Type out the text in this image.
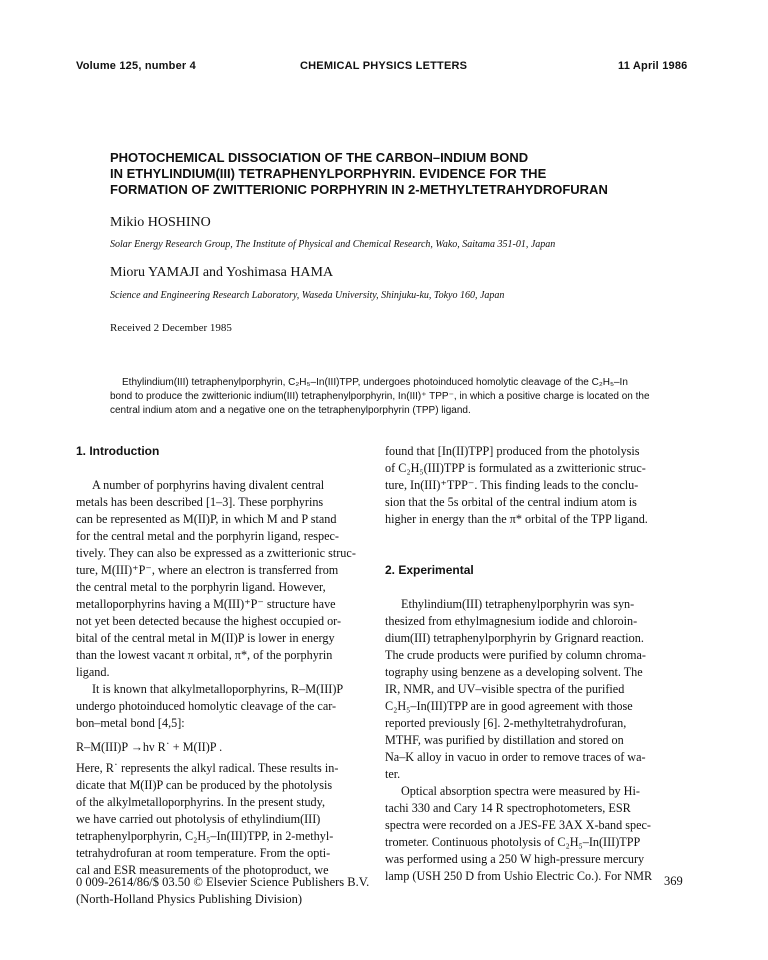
Volume 125, number 4	CHEMICAL PHYSICS LETTERS	11 April 1986
PHOTOCHEMICAL DISSOCIATION OF THE CARBON–INDIUM BOND
IN ETHYLINDIUM(III) TETRAPHENYLPORPHYRIN. EVIDENCE FOR THE
FORMATION OF ZWITTERIONIC PORPHYRIN IN 2-METHYLTETRAHYDROFURAN
Mikio HOSHINO
Solar Energy Research Group, The Institute of Physical and Chemical Research, Wako, Saitama 351-01, Japan
Mioru YAMAJI and Yoshimasa HAMA
Science and Engineering Research Laboratory, Waseda University, Shinjuku-ku, Tokyo 160, Japan
Received 2 December 1985
Ethylindium(III) tetraphenylporphyrin, C₂H₅–In(III)TPP, undergoes photoinduced homolytic cleavage of the C₂H₅–In
bond to produce the zwitterionic indium(III) tetraphenylporphyrin, In(III)⁺ TPP⁻, in which a positive charge is located on the
central indium atom and a negative one on the tetraphenylporphyrin (TPP) ligand.
1. Introduction
A number of porphyrins having divalent central
metals has been described [1–3]. These porphyrins
can be represented as M(II)P, in which M and P stand
for the central metal and the porphyrin ligand, respec-
tively. They can also be expressed as a zwitterionic struc-
ture, M(III)⁺P⁻, where an electron is transferred from
the central metal to the porphyrin ligand. However,
metalloporphyrins having a M(III)⁺P⁻ structure have
not yet been detected because the highest occupied or-
bital of the central metal in M(II)P is lower in energy
than the lowest vacant π orbital, π*, of the porphyrin
ligand.
It is known that alkylmetalloporphyrins, R–M(III)P
undergo photoinduced homolytic cleavage of the car-
bon–metal bond [4,5]:
R–M(III)P →hν R˙ + M(II)P .
Here, R˙ represents the alkyl radical. These results in-
dicate that M(II)P can be produced by the photolysis
of the alkylmetalloporphyrins. In the present study,
we have carried out photolysis of ethylindium(III)
tetraphenylporphyrin, C₂H₅–In(III)TPP, in 2-methyl-
tetrahydrofuran at room temperature. From the opti-
cal and ESR measurements of the photoproduct, we
found that [In(II)TPP] produced from the photolysis
of C₂H₅(III)TPP is formulated as a zwitterionic struc-
ture, In(III)⁺TPP⁻. This finding leads to the conclu-
sion that the 5s orbital of the central indium atom is
higher in energy than the π* orbital of the TPP ligand.
2. Experimental
Ethylindium(III) tetraphenylporphyrin was syn-
thesized from ethylmagnesium iodide and chloroin-
dium(III) tetraphenylporphyrin by Grignard reaction.
The crude products were purified by column chroma-
tography using benzene as a developing solvent. The
IR, NMR, and UV–visible spectra of the purified
C₂H₅–In(III)TPP are in good agreement with those
reported previously [6]. 2-methyltetrahydrofuran,
MTHF, was purified by distillation and stored on
Na–K alloy in vacuo in order to remove traces of wa-
ter.
Optical absorption spectra were measured by Hi-
tachi 330 and Cary 14 R spectrophotometers, ESR
spectra were recorded on a JES-FE 3AX X-band spec-
trometer. Continuous photolysis of C₂H₅–In(III)TPP
was performed using a 250 W high-pressure mercury
lamp (USH 250 D from Ushio Electric Co.). For NMR
0 009-2614/86/$ 03.50 © Elsevier Science Publishers B.V.
(North-Holland Physics Publishing Division)
369
